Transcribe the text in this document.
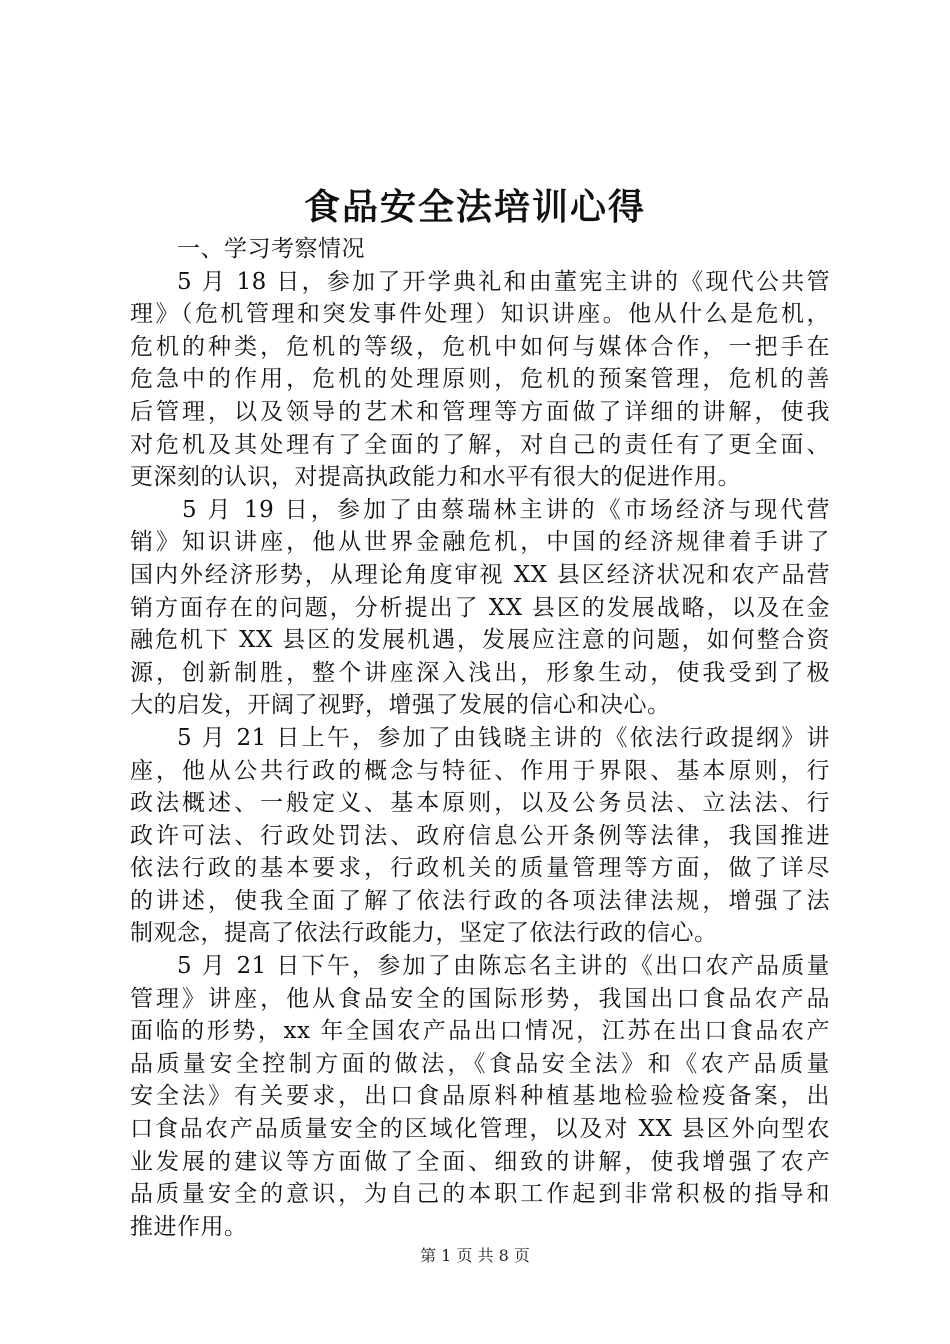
食品安全法培训心得
一、学习考察情况
5 月 18 日，参加了开学典礼和由董宪主讲的《现代公共管
理》（危机管理和突发事件处理）知识讲座。他从什么是危机，
危机的种类，危机的等级，危机中如何与媒体合作，一把手在
危急中的作用，危机的处理原则，危机的预案管理，危机的善
后管理，以及领导的艺术和管理等方面做了详细的讲解，使我
对危机及其处理有了全面的了解，对自己的责任有了更全面、
更深刻的认识，对提高执政能力和水平有很大的促进作用。
5 月 19 日，参加了由蔡瑞林主讲的《市场经济与现代营
销》知识讲座，他从世界金融危机，中国的经济规律着手讲了
国内外经济形势，从理论角度审视 XX 县区经济状况和农产品营
销方面存在的问题，分析提出了 XX 县区的发展战略，以及在金
融危机下 XX 县区的发展机遇，发展应注意的问题，如何整合资
源，创新制胜，整个讲座深入浅出，形象生动，使我受到了极
大的启发，开阔了视野，增强了发展的信心和决心。
5 月 21 日上午，参加了由钱晓主讲的《依法行政提纲》讲
座，他从公共行政的概念与特征、作用于界限、基本原则，行
政法概述、一般定义、基本原则，以及公务员法、立法法、行
政许可法、行政处罚法、政府信息公开条例等法律，我国推进
依法行政的基本要求，行政机关的质量管理等方面，做了详尽
的讲述，使我全面了解了依法行政的各项法律法规，增强了法
制观念，提高了依法行政能力，坚定了依法行政的信心。
5 月 21 日下午，参加了由陈忘名主讲的《出口农产品质量
管理》讲座，他从食品安全的国际形势，我国出口食品农产品
面临的形势，xx 年全国农产品出口情况，江苏在出口食品农产
品质量安全控制方面的做法，《食品安全法》和《农产品质量
安全法》有关要求，出口食品原料种植基地检验检疫备案，出
口食品农产品质量安全的区域化管理，以及对 XX 县区外向型农
业发展的建议等方面做了全面、细致的讲解，使我增强了农产
品质量安全的意识，为自己的本职工作起到非常积极的指导和
推进作用。
第 1 页 共 8 页
